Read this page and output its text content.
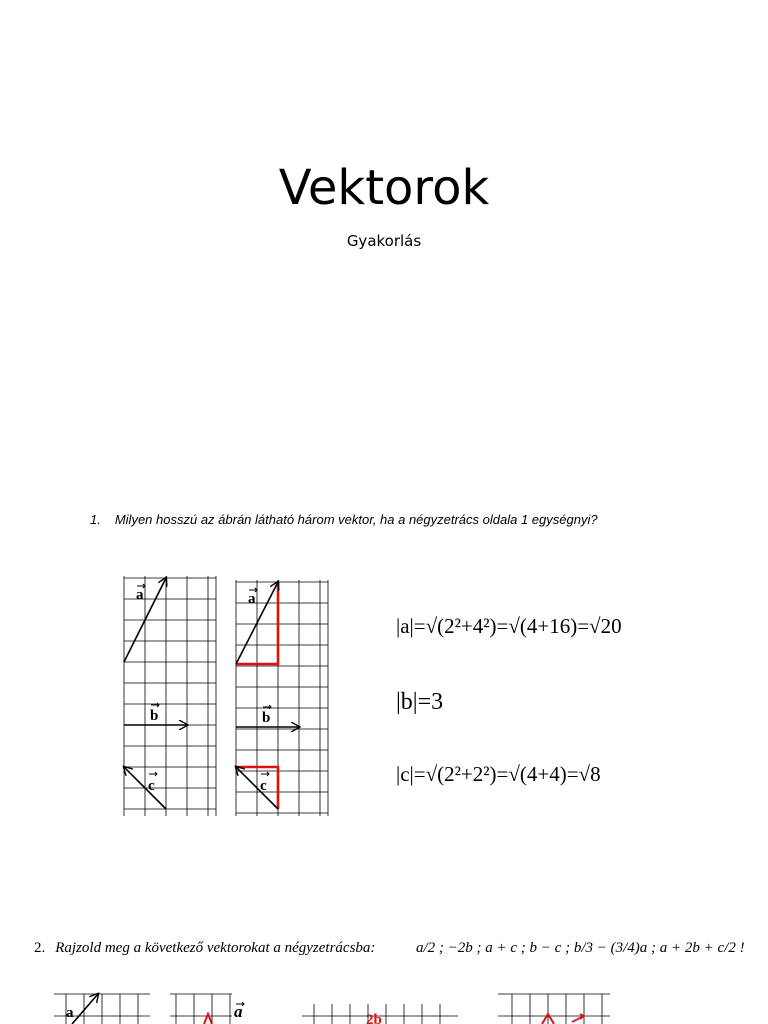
Vektorok
Gyakorlás
1. Milyen hosszú az ábrán látható három vektor, ha a négyzetrács oldala 1 egységnyi?
a
b
c
a
b
c
a	a	2b
|a|=√(2²+4²)=√(4+16)=√20
|b|=3
|c|=√(2²+2²)=√(4+4)=√8
2. Rajzold meg a következő vektorokat a négyzetrácsba:	a/2 ; −2b ; a + c ; b − c ; b/3 − (3/4)a ; a + 2b + c/2 !
